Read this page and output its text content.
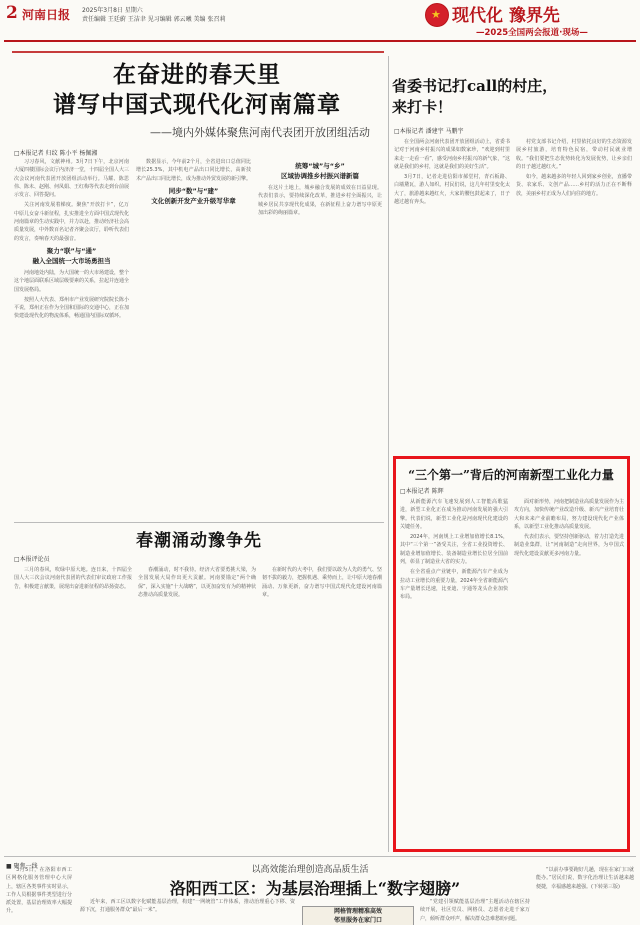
2 河南日报 2025年3月8日 星期六
责任编辑 王廷蔚 王洁聿 见习编辑 郭云曦 美编 张召莉	★ 现代化 豫界先
—2025全国两会报道·现场—
在奋进的春天里
谱写中国式现代化河南篇章
——境内外媒体聚焦河南代表团开放团组活动
□本报记者 归纹 陈小平 杨佩湘

习习春风，文献神州。3月7日下午，北京河南大厦四楼国际会议厅内济济一堂，十四届全国人大三次会议河南代表团开放团组活动举行。马耀、陈思伟、陈未、赵刚、何凤娟、王红梅等代表走到台前展示发言、回答提问。

关注河南发展着梯度。聚焦“开放打卡”，亿万中原儿女奋斗新征程，扎实推进全方面中国式现代化河南篇章的生动实践中，并力以赴，推动经济社会高质量发展，中外数百名记者齐聚会议厅，聆听代表们的发言，奏响春天的最强音。

聚力“联”与“通”
融入全国统一大市场勇担当

河南地处内陆，为大国统一的大市场建设，整个这个地层面联系区域层级要素的关系，拉起并连通全国发展格局。

按照人大代表、郑州市产业发展研究院院长陈小平说，郑州正在作为全国和国际的交通中心，正在加快建设现代化的物流体系，畅通国内国际双循环。

数据显示，今年前2个月，全省进出口总值同比增长25.3%，其中机电产品出口同比增长，高新技术产品出口同比增长，成为推动外贸发展的新引擎。

同步“数”与“建”
文化创新开发产业升级写华章
统筹“城”与“乡”
区域协调推乡村振兴谱新篇

在这片土地上，城乡融合发展的成效在日益显现。代表们表示，要持续深化改革，推进乡村全面振兴，让城乡居民共享现代化成果，在新征程上奋力谱写中原更加出彩的绚丽篇章。

春潮涌动豫争先
□本报评论员

三月的春风，吹绿中原大地。连日来，十四届全国人大三次会议河南代表团的代表们审议政府工作报告，积极建言献策，展现出奋进新征程的昂扬姿态。

春潮涌动，时不我待。经济大省要勇挑大梁，为全国发展大局作出更大贡献。河南要锚定“两个确保”，深入实施“十大战略”，以更加奋发有为的精神状态推动高质量发展。

在新时代的大考中，我们要以敢为人先的勇气、坚韧不拔的毅力，把握机遇、乘势而上，让中原大地春潮涌动、万象更新，奋力谱写中国式现代化建设河南篇章。

省委书记打call的村庄，
来打卡！
□本报记者 潘建宇 马鹏宇

在全国两会河南代表团开放团组活动上，省委书记对于河南乡村振兴的成果如数家珍，“欢迎到村里来走一走看一看”，感受河南乡村振兴的新气象，“这就是我们的乡村，这就是我们的美好生活”。

3月7日，记者走进信阳市郝堂村，青石板路、白墙黛瓦，游人如织。村民们说，这几年村里变化太大了，旅游越来越红火，大家的腰包鼓起来了，日子越过越有奔头。

村党支部书记介绍，村里依托良好的生态资源发展乡村旅游，培育特色民宿，带动村民就业增收。“我们要把生态优势转化为发展优势，让乡亲们的日子越过越红火。”

如今，越来越多的年轻人回到家乡创业，直播带货、农家乐、文创产品……乡村的活力正在不断释放，美丽乡村正成为人们向往的地方。

“三个第一”背后的河南新型工业化力量
□本报记者 陈辉

从新能源汽车飞速发展到人工智能高歌猛进，新型工业化正在成为推动河南发展的强大引擎。代表们说，新型工业化是河南现代化建设的关键任务。

2024年，河南规上工业增加值增长8.1%，其中“三个第一”备受关注，全省工业投资增长、制造业增加值增长、装备制造业增长位居全国前列，彰显了制造业大省的实力。

在全省重点产业链中，新能源汽车产业成为拉动工业增长的重要力量，2024年全省新能源汽车产量增长迅速，比亚迪、宇通等龙头企业加快布局。

面对新形势，河南把制造业高质量发展作为主攻方向，加快传统产业改造升级、新兴产业培育壮大和未来产业前瞻布局，努力建设现代化产业体系，以新型工业化推动高质量发展。

代表们表示，要坚持创新驱动，着力打造先进制造业集群，让“河南制造”走向世界，为中国式现代化建设贡献更多河南力量。

■ 聚焦一线	以高效能治理创造高品质生活
洛阳西工区：为基层治理插上“数字翅膀”

3月5日，在洛阳市西工区网格化服务管理中心大屏上，辖区各类事件实时显示，工作人员根据事件类型进行分派处置，基层治理效率大幅提升。

近年来，西工区以数字化赋能基层治理，构建“一网统管”工作体系，推动治理重心下移、资源下沉，打通服务群众“最后一米”。	网格管理精准高效
邻里服务在家门口

“党建引领赋能基层治理”主题活动在辖区持续开展，社区党员、网格员、志愿者走进千家万户，倾听群众呼声，解决群众急难愁盼问题。

“以前办事要跑好几趟，现在在家门口就能办。”居民们说，数字化治理让生活越来越便捷，幸福感越来越强。(下转第三版)
